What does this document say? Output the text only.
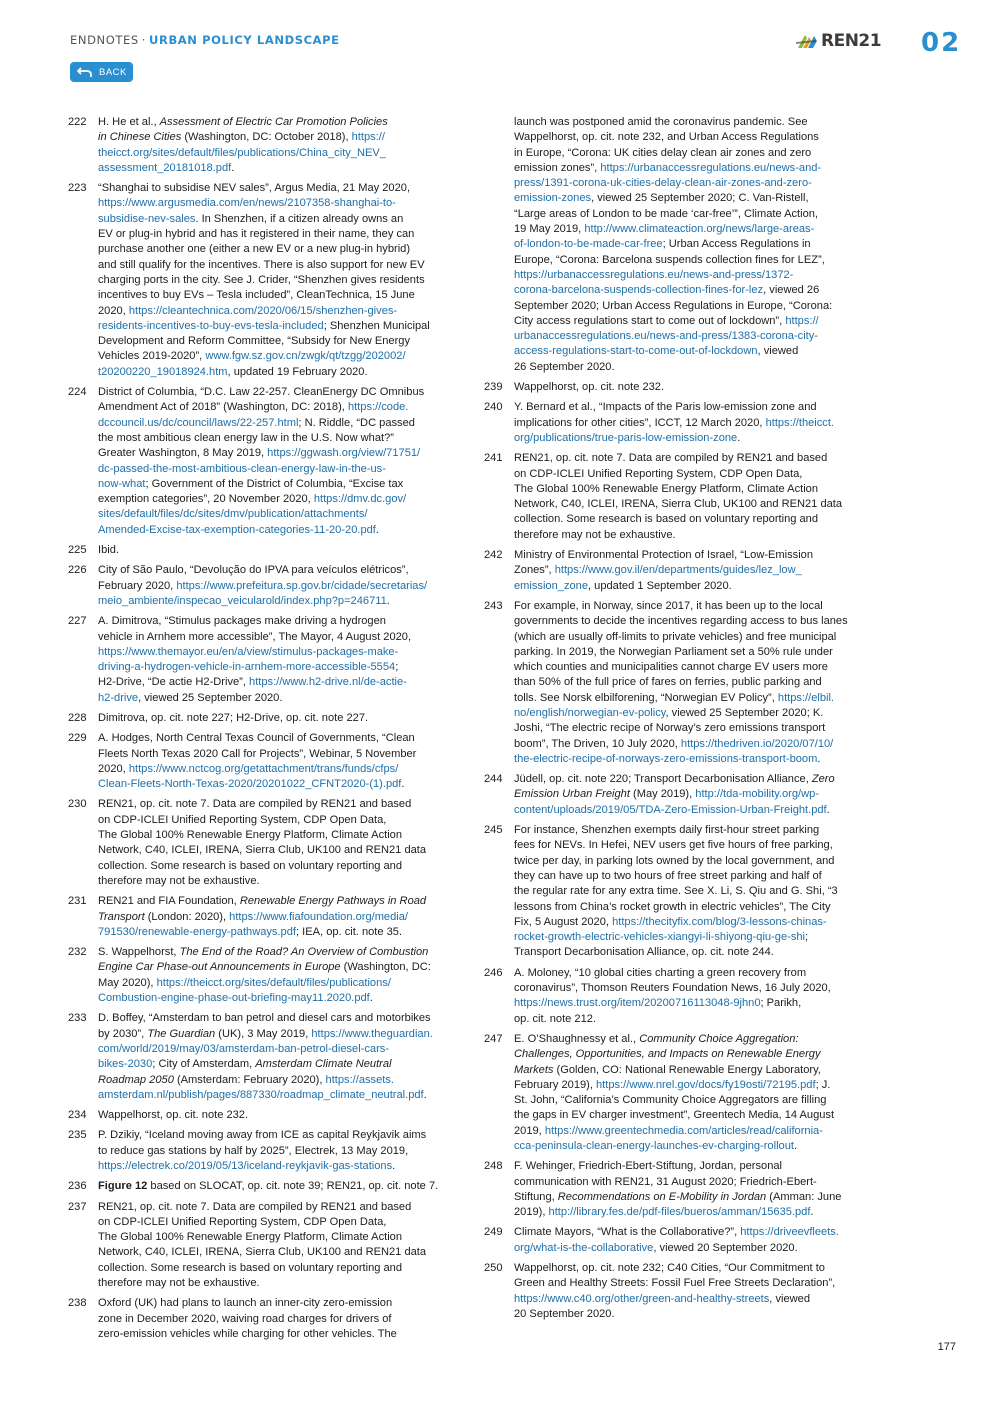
ENDNOTES · URBAN POLICY LANDSCAPE
BACK
REN21 02
222	H. He et al., Assessment of Electric Car Promotion Policies
in Chinese Cities (Washington, DC: October 2018), https://
theicct.org/sites/default/files/publications/China_city_NEV_
assessment_20181018.pdf.
223	“Shanghai to subsidise NEV sales”, Argus Media, 21 May 2020,
https://www.argusmedia.com/en/news/2107358-shanghai-to-
subsidise-nev-sales. In Shenzhen, if a citizen already owns an
EV or plug-in hybrid and has it registered in their name, they can
purchase another one (either a new EV or a new plug-in hybrid)
and still qualify for the incentives. There is also support for new EV
charging ports in the city. See J. Crider, “Shenzhen gives residents
incentives to buy EVs – Tesla included”, CleanTechnica, 15 June
2020, https://cleantechnica.com/2020/06/15/shenzhen-gives-
residents-incentives-to-buy-evs-tesla-included; Shenzhen Municipal
Development and Reform Committee, “Subsidy for New Energy
Vehicles 2019-2020”, www.fgw.sz.gov.cn/zwgk/qt/tzgg/202002/
t20200220_19018924.htm, updated 19 February 2020.
224	District of Columbia, “D.C. Law 22-257. CleanEnergy DC Omnibus
Amendment Act of 2018” (Washington, DC: 2018), https://code.
dccouncil.us/dc/council/laws/22-257.html; N. Riddle, “DC passed
the most ambitious clean energy law in the U.S. Now what?”
Greater Washington, 8 May 2019, https://ggwash.org/view/71751/
dc-passed-the-most-ambitious-clean-energy-law-in-the-us-
now-what; Government of the District of Columbia, “Excise tax
exemption categories”, 20 November 2020, https://dmv.dc.gov/
sites/default/files/dc/sites/dmv/publication/attachments/
Amended-Excise-tax-exemption-categories-11-20-20.pdf.
225	Ibid.
226	City of São Paulo, “Devolução do IPVA para veículos elétricos”,
February 2020, https://www.prefeitura.sp.gov.br/cidade/secretarias/
meio_ambiente/inspecao_veicularold/index.php?p=246711.
227	A. Dimitrova, “Stimulus packages make driving a hydrogen
vehicle in Arnhem more accessible”, The Mayor, 4 August 2020,
https://www.themayor.eu/en/a/view/stimulus-packages-make-
driving-a-hydrogen-vehicle-in-arnhem-more-accessible-5554;
H2-Drive, “De actie H2-Drive”, https://www.h2-drive.nl/de-actie-
h2-drive, viewed 25 September 2020.
228	Dimitrova, op. cit. note 227; H2-Drive, op. cit. note 227.
229	A. Hodges, North Central Texas Council of Governments, “Clean
Fleets North Texas 2020 Call for Projects”, Webinar, 5 November
2020, https://www.nctcog.org/getattachment/trans/funds/cfps/
Clean-Fleets-North-Texas-2020/20201022_CFNT2020-(1).pdf.
230	REN21, op. cit. note 7. Data are compiled by REN21 and based
on CDP-ICLEI Unified Reporting System, CDP Open Data,
The Global 100% Renewable Energy Platform, Climate Action
Network, C40, ICLEI, IRENA, Sierra Club, UK100 and REN21 data
collection. Some research is based on voluntary reporting and
therefore may not be exhaustive.
231	REN21 and FIA Foundation, Renewable Energy Pathways in Road
Transport (London: 2020), https://www.fiafoundation.org/media/
791530/renewable-energy-pathways.pdf; IEA, op. cit. note 35.
232	S. Wappelhorst, The End of the Road? An Overview of Combustion
Engine Car Phase-out Announcements in Europe (Washington, DC:
May 2020), https://theicct.org/sites/default/files/publications/
Combustion-engine-phase-out-briefing-may11.2020.pdf.
233	D. Boffey, “Amsterdam to ban petrol and diesel cars and motorbikes
by 2030”, The Guardian (UK), 3 May 2019, https://www.theguardian.
com/world/2019/may/03/amsterdam-ban-petrol-diesel-cars-
bikes-2030; City of Amsterdam, Amsterdam Climate Neutral
Roadmap 2050 (Amsterdam: February 2020), https://assets.
amsterdam.nl/publish/pages/887330/roadmap_climate_neutral.pdf.
234	Wappelhorst, op. cit. note 232.
235	P. Dzikiy, “Iceland moving away from ICE as capital Reykjavik aims
to reduce gas stations by half by 2025”, Electrek, 13 May 2019,
https://electrek.co/2019/05/13/iceland-reykjavik-gas-stations.
236	Figure 12 based on SLOCAT, op. cit. note 39; REN21, op. cit. note 7.
237	REN21, op. cit. note 7. Data are compiled by REN21 and based
on CDP-ICLEI Unified Reporting System, CDP Open Data,
The Global 100% Renewable Energy Platform, Climate Action
Network, C40, ICLEI, IRENA, Sierra Club, UK100 and REN21 data
collection. Some research is based on voluntary reporting and
therefore may not be exhaustive.
238	Oxford (UK) had plans to launch an inner-city zero-emission
zone in December 2020, waiving road charges for drivers of
zero-emission vehicles while charging for other vehicles. The
launch was postponed amid the coronavirus pandemic. See
Wappelhorst, op. cit. note 232, and Urban Access Regulations
in Europe, “Corona: UK cities delay clean air zones and zero
emission zones”, https://urbanaccessregulations.eu/news-and-
press/1391-corona-uk-cities-delay-clean-air-zones-and-zero-
emission-zones, viewed 25 September 2020; C. Van-Ristell,
“Large areas of London to be made ‘car-free’”, Climate Action,
19 May 2019, http://www.climateaction.org/news/large-areas-
of-london-to-be-made-car-free; Urban Access Regulations in
Europe, “Corona: Barcelona suspends collection fines for LEZ”,
https://urbanaccessregulations.eu/news-and-press/1372-
corona-barcelona-suspends-collection-fines-for-lez, viewed 26
September 2020; Urban Access Regulations in Europe, “Corona:
City access regulations start to come out of lockdown”, https://
urbanaccessregulations.eu/news-and-press/1383-corona-city-
access-regulations-start-to-come-out-of-lockdown, viewed
26 September 2020.
239	Wappelhorst, op. cit. note 232.
240	Y. Bernard et al., “Impacts of the Paris low-emission zone and
implications for other cities”, ICCT, 12 March 2020, https://theicct.
org/publications/true-paris-low-emission-zone.
241	REN21, op. cit. note 7. Data are compiled by REN21 and based
on CDP-ICLEI Unified Reporting System, CDP Open Data,
The Global 100% Renewable Energy Platform, Climate Action
Network, C40, ICLEI, IRENA, Sierra Club, UK100 and REN21 data
collection. Some research is based on voluntary reporting and
therefore may not be exhaustive.
242	Ministry of Environmental Protection of Israel, “Low-Emission
Zones”, https://www.gov.il/en/departments/guides/lez_low_
emission_zone, updated 1 September 2020.
243	For example, in Norway, since 2017, it has been up to the local
governments to decide the incentives regarding access to bus lanes
(which are usually off-limits to private vehicles) and free municipal
parking. In 2019, the Norwegian Parliament set a 50% rule under
which counties and municipalities cannot charge EV users more
than 50% of the full price of fares on ferries, public parking and
tolls. See Norsk elbilforening, “Norwegian EV Policy”, https://elbil.
no/english/norwegian-ev-policy, viewed 25 September 2020; K.
Joshi, “The electric recipe of Norway’s zero emissions transport
boom”, The Driven, 10 July 2020, https://thedriven.io/2020/07/10/
the-electric-recipe-of-norways-zero-emissions-transport-boom.
244	Jüdell, op. cit. note 220; Transport Decarbonisation Alliance, Zero
Emission Urban Freight (May 2019), http://tda-mobility.org/wp-
content/uploads/2019/05/TDA-Zero-Emission-Urban-Freight.pdf.
245	For instance, Shenzhen exempts daily first-hour street parking
fees for NEVs. In Hefei, NEV users get five hours of free parking,
twice per day, in parking lots owned by the local government, and
they can have up to two hours of free street parking and half of
the regular rate for any extra time. See X. Li, S. Qiu and G. Shi, “3
lessons from China’s rocket growth in electric vehicles”, The City
Fix, 5 August 2020, https://thecityfix.com/blog/3-lessons-chinas-
rocket-growth-electric-vehicles-xiangyi-li-shiyong-qiu-ge-shi;
Transport Decarbonisation Alliance, op. cit. note 244.
246	A. Moloney, “10 global cities charting a green recovery from
coronavirus”, Thomson Reuters Foundation News, 16 July 2020,
https://news.trust.org/item/20200716113048-9jhn0; Parikh,
op. cit. note 212.
247	E. O’Shaughnessy et al., Community Choice Aggregation:
Challenges, Opportunities, and Impacts on Renewable Energy
Markets (Golden, CO: National Renewable Energy Laboratory,
February 2019), https://www.nrel.gov/docs/fy19osti/72195.pdf; J.
St. John, “California’s Community Choice Aggregators are filling
the gaps in EV charger investment”, Greentech Media, 14 August
2019, https://www.greentechmedia.com/articles/read/california-
cca-peninsula-clean-energy-launches-ev-charging-rollout.
248	F. Wehinger, Friedrich-Ebert-Stiftung, Jordan, personal
communication with REN21, 31 August 2020; Friedrich-Ebert-
Stiftung, Recommendations on E-Mobility in Jordan (Amman: June
2019), http://library.fes.de/pdf-files/bueros/amman/15635.pdf.
249	Climate Mayors, “What is the Collaborative?”, https://driveevfleets.
org/what-is-the-collaborative, viewed 20 September 2020.
250	Wappelhorst, op. cit. note 232; C40 Cities, “Our Commitment to
Green and Healthy Streets: Fossil Fuel Free Streets Declaration”,
https://www.c40.org/other/green-and-healthy-streets, viewed
20 September 2020.
177
